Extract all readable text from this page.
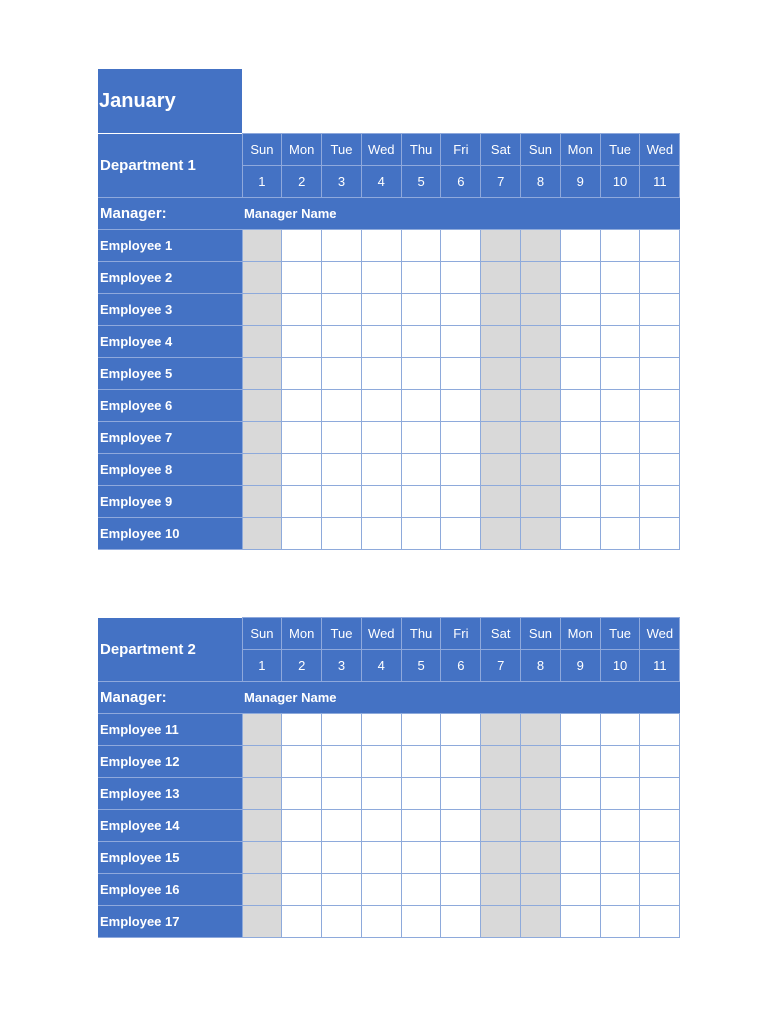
January
Department 1	Sun	Mon	Tue	Wed	Thu	Fri	Sat	Sun	Mon	Tue	Wed
	1	2	3	4	5	6	7	8	9	10	11
Manager:	Manager Name										
Employee 1											
Employee 2											
Employee 3											
Employee 4											
Employee 5											
Employee 6											
Employee 7											
Employee 8											
Employee 9											
Employee 10											
Department 2	Sun	Mon	Tue	Wed	Thu	Fri	Sat	Sun	Mon	Tue	Wed
	1	2	3	4	5	6	7	8	9	10	11
Manager:	Manager Name										
Employee 11											
Employee 12											
Employee 13											
Employee 14											
Employee 15											
Employee 16											
Employee 17											
